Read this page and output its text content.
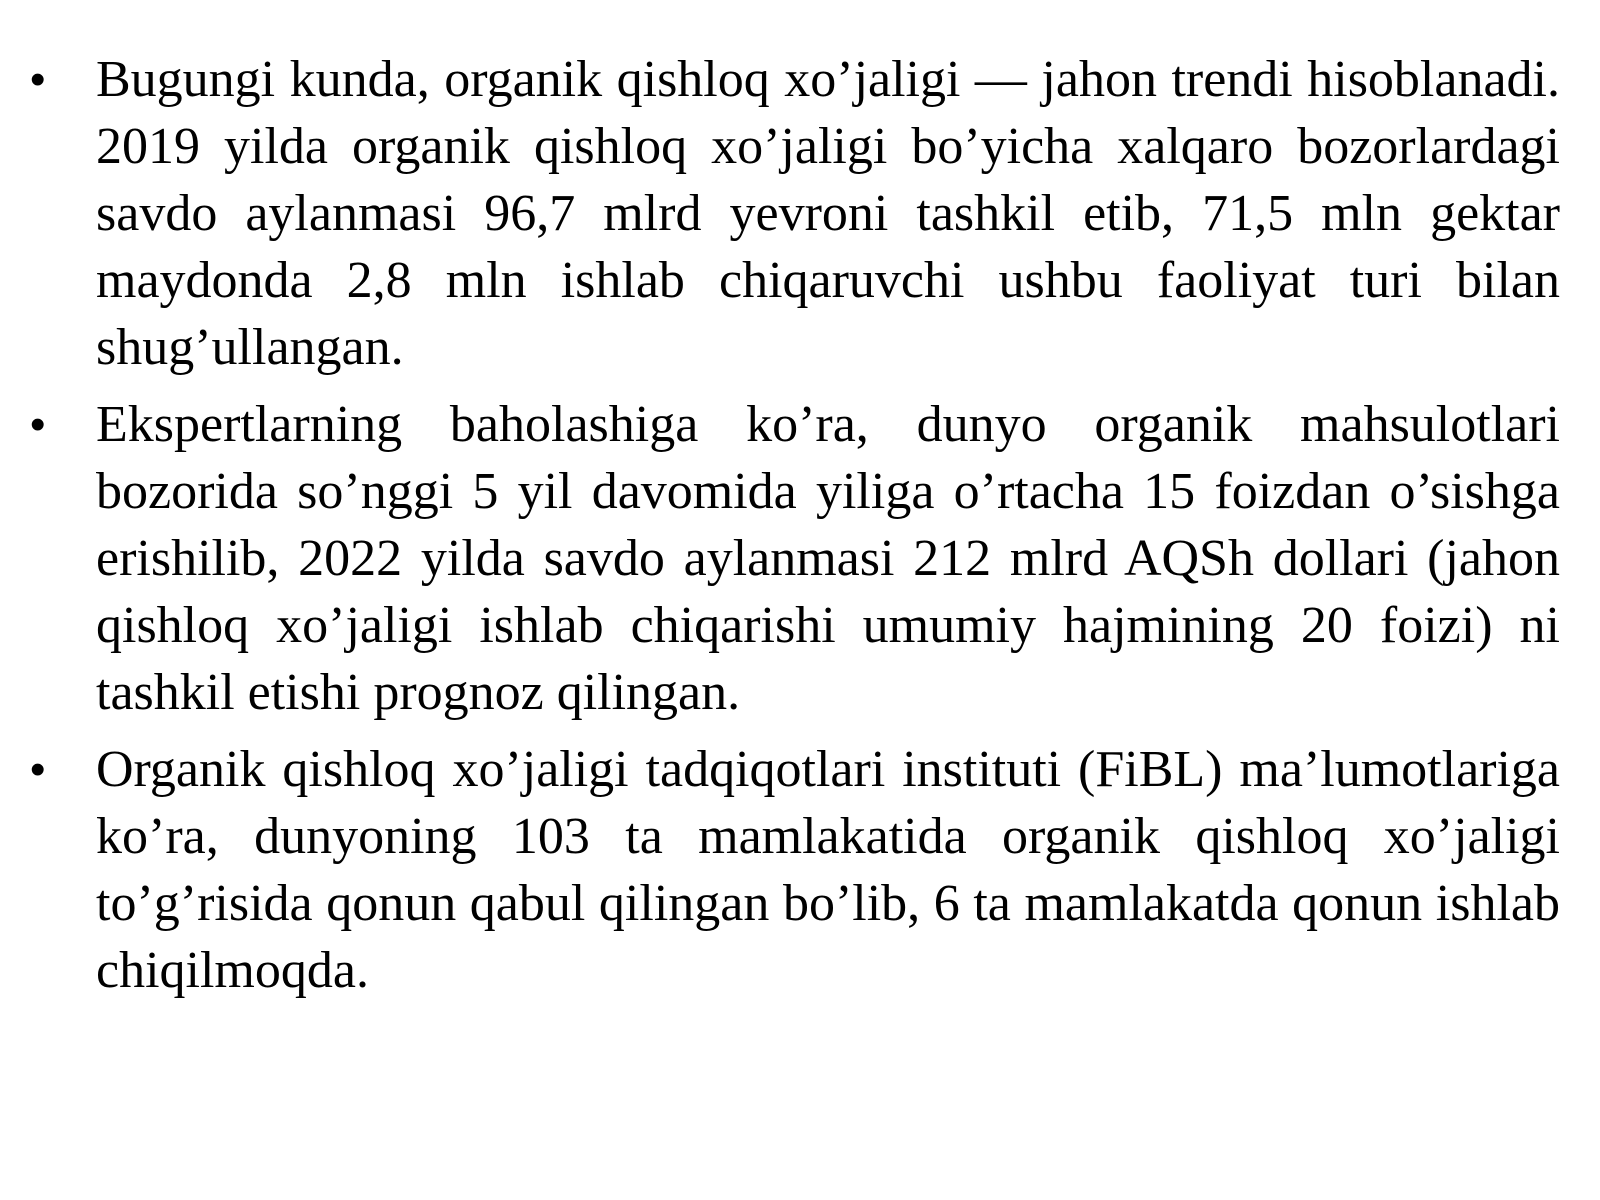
• Bugungi kunda, organik qishloq xo’jaligi — jahon trendi hisoblanadi. 2019 yilda organik qishloq xo’jaligi bo’yicha xalqaro bozorlardagi savdo aylanmasi 96,7 mlrd yevroni tashkil etib, 71,5 mln gektar maydonda 2,8 mln ishlab chiqaruvchi ushbu faoliyat turi bilan shug’ullangan.

• Ekspertlarning baholashiga ko’ra, dunyo organik mahsulotlari bozorida so’nggi 5 yil davomida yiliga o’rtacha 15 foizdan o’sishga erishilib, 2022 yilda savdo aylanmasi 212 mlrd AQSh dollari (jahon qishloq xo’jaligi ishlab chiqarishi umumiy hajmining 20 foizi) ni tashkil etishi prognoz qilingan.

• Organik qishloq xo’jaligi tadqiqotlari instituti (FiBL) ma’lumotlariga ko’ra, dunyoning 103 ta mamlakatida organik qishloq xo’jaligi to’g’risida qonun qabul qilingan bo’lib, 6 ta mamlakatda qonun ishlab chiqilmoqda.
